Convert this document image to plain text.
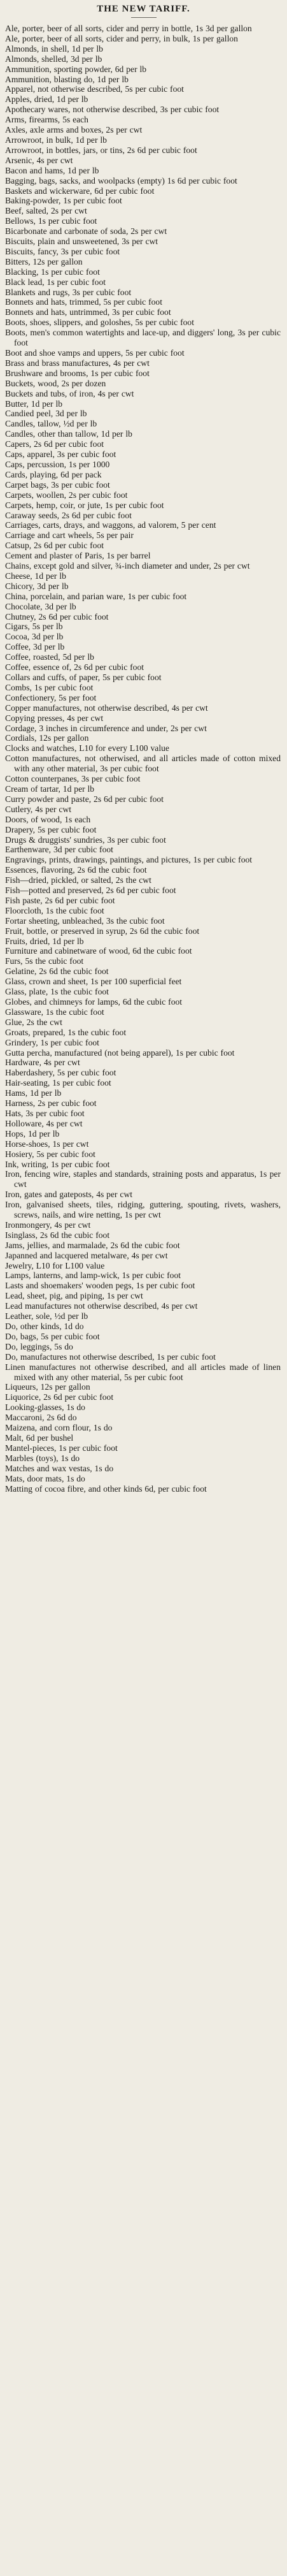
THE NEW TARIFF.

Ale, porter, beer of all sorts, cider and perry in bottle, 1s 3d per gallon

Ale, porter, beer of all sorts, cider and perry, in bulk, 1s per gallon

Almonds, in shell, 1d per lb

Almonds, shelled, 3d per lb

Ammunition, sporting powder, 6d per lb

Ammunition, blasting do, 1d per lb

Apparel, not otherwise described, 5s per cubic foot

Apples, dried, 1d per lb

Apothecary wares, not otherwise described, 3s per cubic foot

Arms, firearms, 5s each

Axles, axle arms and boxes, 2s per cwt

Arrowroot, in bulk, 1d per lb

Arrowroot, in bottles, jars, or tins, 2s 6d per cubic foot

Arsenic, 4s per cwt

Bacon and hams, 1d per lb

Bagging, bags, sacks, and woolpacks (empty) 1s 6d per cubic foot

Baskets and wickerware, 6d per cubic foot

Baking-powder, 1s per cubic foot

Beef, salted, 2s per cwt

Bellows, 1s per cubic foot

Bicarbonate and carbonate of soda, 2s per cwt

Biscuits, plain and unsweetened, 3s per cwt

Biscuits, fancy, 3s per cubic foot

Bitters, 12s per gallon

Blacking, 1s per cubic foot

Black lead, 1s per cubic foot

Blankets and rugs, 3s per cubic foot

Bonnets and hats, trimmed, 5s per cubic foot

Bonnets and hats, untrimmed, 3s per cubic foot

Boots, shoes, slippers, and goloshes, 5s per cubic foot

Boots, men's common watertights and lace-up, and diggers' long, 3s per cubic foot

Boot and shoe vamps and uppers, 5s per cubic foot

Brass and brass manufactures, 4s per cwt

Brushware and brooms, 1s per cubic foot

Buckets, wood, 2s per dozen

Buckets and tubs, of iron, 4s per cwt

Butter, 1d per lb

Candied peel, 3d per lb

Candles, tallow, ½d per lb

Candles, other than tallow, 1d per lb

Capers, 2s 6d per cubic foot

Caps, apparel, 3s per cubic foot

Caps, percussion, 1s per 1000

Cards, playing, 6d per pack

Carpet bags, 3s per cubic foot

Carpets, woollen, 2s per cubic foot

Carpets, hemp, coir, or jute, 1s per cubic foot

Caraway seeds, 2s 6d per cubic foot

Carriages, carts, drays, and waggons, ad valorem, 5 per cent

Carriage and cart wheels, 5s per pair

Catsup, 2s 6d per cubic foot

Cement and plaster of Paris, 1s per barrel

Chains, except gold and silver, ¾-inch diameter and under, 2s per cwt

Cheese, 1d per lb

Chicory, 3d per lb

China, porcelain, and parian ware, 1s per cubic foot

Chocolate, 3d per lb

Chutney, 2s 6d per cubic foot

Cigars, 5s per lb

Cocoa, 3d per lb

Coffee, 3d per lb

Coffee, roasted, 5d per lb

Coffee, essence of, 2s 6d per cubic foot

Collars and cuffs, of paper, 5s per cubic foot

Combs, 1s per cubic foot

Confectionery, 5s per foot

Copper manufactures, not otherwise described, 4s per cwt

Copying presses, 4s per cwt

Cordage, 3 inches in circumference and under, 2s per cwt

Cordials, 12s per gallon

Clocks and watches, L10 for every L100 value

Cotton manufactures, not otherwised, and all articles made of cotton mixed with any other material, 3s per cubic foot

Cotton counterpanes, 3s per cubic foot

Cream of tartar, 1d per lb

Curry powder and paste, 2s 6d per cubic foot

Cutlery, 4s per cwt

Doors, of wood, 1s each

Drapery, 5s per cubic foot

Drugs & druggists' sundries, 3s per cubic foot

Earthenware, 3d per cubic foot

Engravings, prints, drawings, paintings, and pictures, 1s per cubic foot

Essences, flavoring, 2s 6d the cubic foot

Fish—dried, pickled, or salted, 2s the cwt

Fish—potted and preserved, 2s 6d per cubic foot

Fish paste, 2s 6d per cubic foot

Floorcloth, 1s the cubic foot

Fortar sheeting, unbleached, 3s the cubic foot

Fruit, bottle, or preserved in syrup, 2s 6d the cubic foot

Fruits, dried, 1d per lb

Furniture and cabinetware of wood, 6d the cubic foot

Furs, 5s the cubic foot

Gelatine, 2s 6d the cubic foot

Glass, crown and sheet, 1s per 100 superficial feet

Glass, plate, 1s the cubic foot

Globes, and chimneys for lamps, 6d the cubic foot

Glassware, 1s the cubic foot

Glue, 2s the cwt

Groats, prepared, 1s the cubic foot

Grindery, 1s per cubic foot

Gutta percha, manufactured (not being apparel), 1s per cubic foot

Hardware, 4s per cwt

Haberdashery, 5s per cubic foot

Hair-seating, 1s per cubic foot

Hams, 1d per lb

Harness, 2s per cubic foot

Hats, 3s per cubic foot

Holloware, 4s per cwt

Hops, 1d per lb

Horse-shoes, 1s per cwt

Hosiery, 5s per cubic foot

Ink, writing, 1s per cubic foot

Iron, fencing wire, staples and standards, straining posts and apparatus, 1s per cwt

Iron, gates and gateposts, 4s per cwt

Iron, galvanised sheets, tiles, ridging, guttering, spouting, rivets, washers, screws, nails, and wire netting, 1s per cwt

Ironmongery, 4s per cwt

Isinglass, 2s 6d the cubic foot

Jams, jellies, and marmalade, 2s 6d the cubic foot

Japanned and lacquered metalware, 4s per cwt

Jewelry, L10 for L100 value

Lamps, lanterns, and lamp-wick, 1s per cubic foot

Lasts and shoemakers' wooden pegs, 1s per cubic foot

Lead, sheet, pig, and piping, 1s per cwt

Lead manufactures not otherwise described, 4s per cwt

Leather, sole, ½d per lb

Do, other kinds, 1d do

Do, bags, 5s per cubic foot

Do, leggings, 5s do

Do, manufactures not otherwise described, 1s per cubic foot

Linen manufactures not otherwise described, and all articles made of linen mixed with any other material, 5s per cubic foot

Liqueurs, 12s per gallon

Liquorice, 2s 6d per cubic foot

Looking-glasses, 1s do

Maccaroni, 2s 6d do

Maizena, and corn flour, 1s do

Malt, 6d per bushel

Mantel-pieces, 1s per cubic foot

Marbles (toys), 1s do

Matches and wax vestas, 1s do

Mats, door mats, 1s do

Matting of cocoa fibre, and other kinds 6d, per cubic foot
